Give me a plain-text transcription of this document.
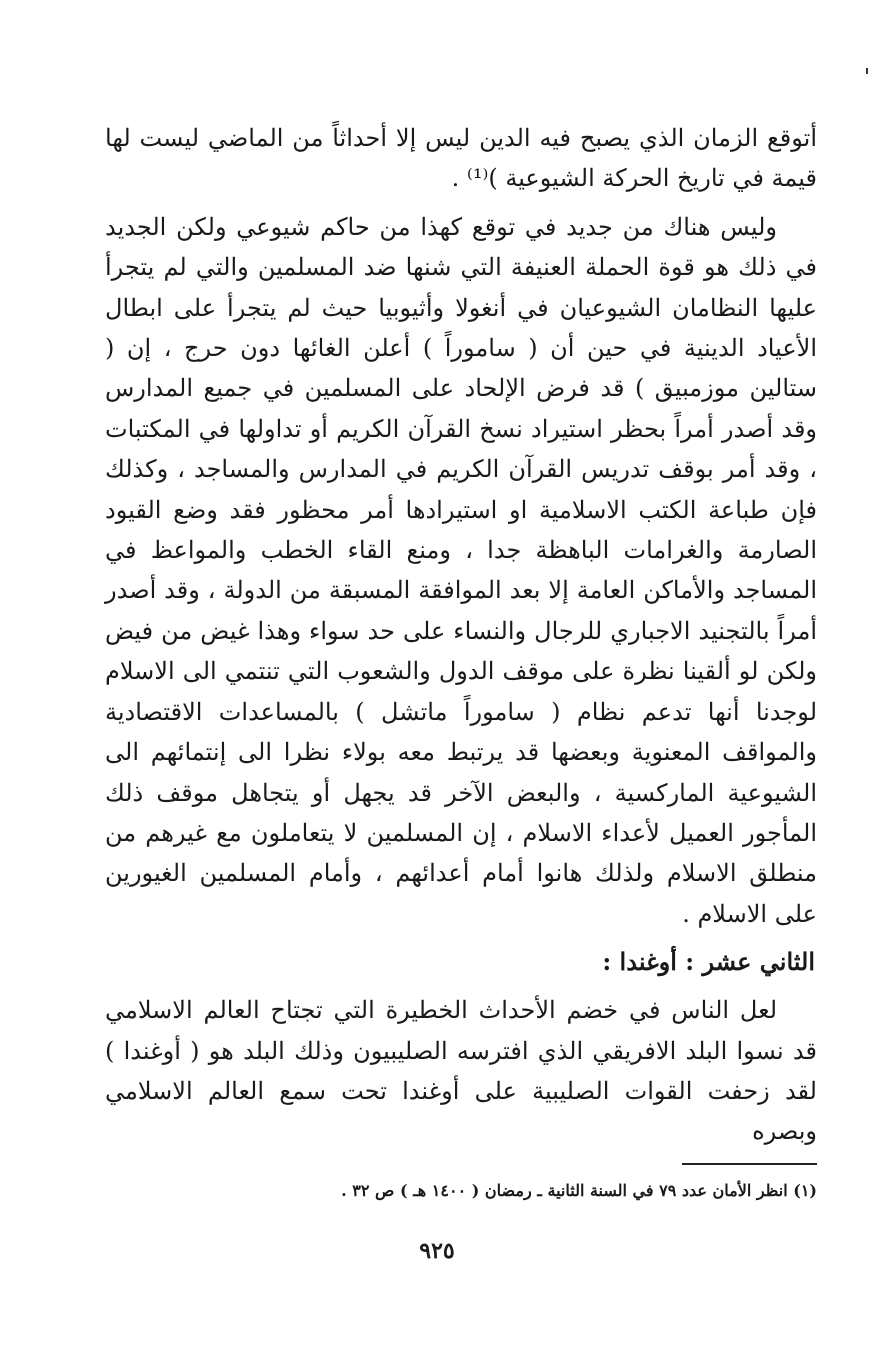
أتوقع الزمان الذي يصبح فيه الدين ليس إلا أحداثاً من الماضي ليست لها قيمة في تاريخ الحركة الشيوعية )⁽¹⁾ .

وليس هناك من جديد في توقع كهذا من حاكم شيوعي ولكن الجديد في ذلك هو قوة الحملة العنيفة التي شنها ضد المسلمين والتي لم يتجرأ عليها النظامان الشيوعيان في أنغولا وأثيوبيا حيث لم يتجرأ على ابطال الأعياد الدينية في حين أن ( ساموراً ) أعلن الغائها دون حرج ، إن ( ستالين موزمبيق ) قد فرض الإلحاد على المسلمين في جميع المدارس وقد أصدر أمراً بحظر استيراد نسخ القرآن الكريم أو تداولها في المكتبات ، وقد أمر بوقف تدريس القرآن الكريم في المدارس والمساجد ، وكذلك فإن طباعة الكتب الاسلامية او استيرادها أمر محظور فقد وضع القيود الصارمة والغرامات الباهظة جدا ، ومنع القاء الخطب والمواعظ في المساجد والأماكن العامة إلا بعد الموافقة المسبقة من الدولة ، وقد أصدر أمراً بالتجنيد الاجباري للرجال والنساء على حد سواء وهذا غيض من فيض ولكن لو ألقينا نظرة على موقف الدول والشعوب التي تنتمي الى الاسلام لوجدنا أنها تدعم نظام ( ساموراً ماتشل ) بالمساعدات الاقتصادية والمواقف المعنوية وبعضها قد يرتبط معه بولاء نظرا الى إنتمائهم الى الشيوعية الماركسية ، والبعض الآخر قد يجهل أو يتجاهل موقف ذلك المأجور العميل لأعداء الاسلام ، إن المسلمين لا يتعاملون مع غيرهم من منطلق الاسلام ولذلك هانوا أمام أعدائهم ، وأمام المسلمين الغيورين على الاسلام .

الثاني عشر : أوغندا :

لعل الناس في خضم الأحداث الخطيرة التي تجتاح العالم الاسلامي قد نسوا البلد الافريقي الذي افترسه الصليبيون وذلك البلد هو ( أوغندا ) لقد زحفت القوات الصليبية على أوغندا تحت سمع العالم الاسلامي وبصره

(١) انظر الأمان عدد ٧٩ في السنة الثانية ـ رمضان ( ١٤٠٠ هـ ) ص ٣٢ .
٩٢٥
